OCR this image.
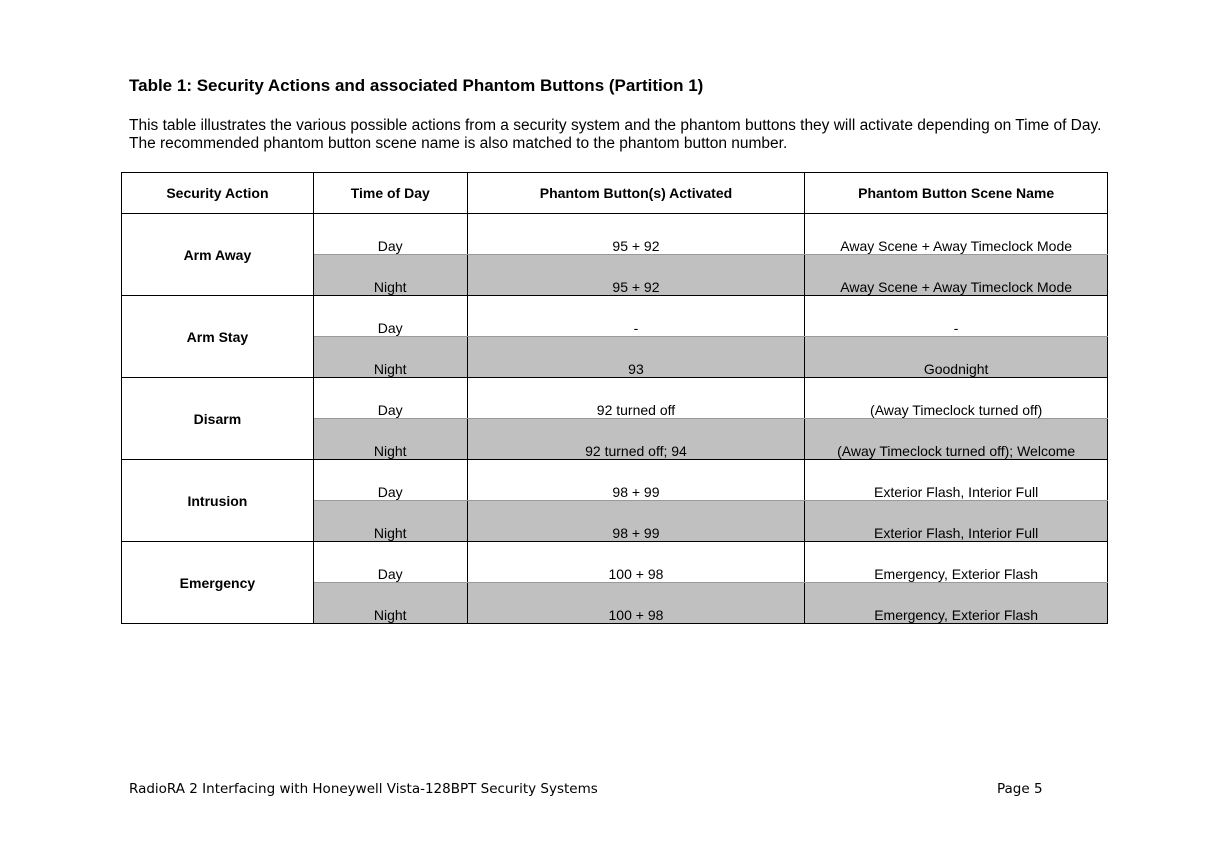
Table 1: Security Actions and associated Phantom Buttons (Partition 1)
This table illustrates the various possible actions from a security system and the phantom buttons they will activate depending on Time of Day. The recommended phantom button scene name is also matched to the phantom button number.
Security Action	Time of Day	Phantom Button(s) Activated	Phantom Button Scene Name
Arm Away	Day	95 + 92	Away Scene + Away Timeclock Mode
	Night	95 + 92	Away Scene + Away Timeclock Mode
Arm Stay	Day	-	-
	Night	93	Goodnight
Disarm	Day	92 turned off	(Away Timeclock turned off)
	Night	92 turned off; 94	(Away Timeclock turned off); Welcome
Intrusion	Day	98 + 99	Exterior Flash, Interior Full
	Night	98 + 99	Exterior Flash, Interior Full
Emergency	Day	100 + 98	Emergency, Exterior Flash
	Night	100 + 98	Emergency, Exterior Flash
RadioRA 2 Interfacing with Honeywell Vista-128BPT Security Systems	Page 5
